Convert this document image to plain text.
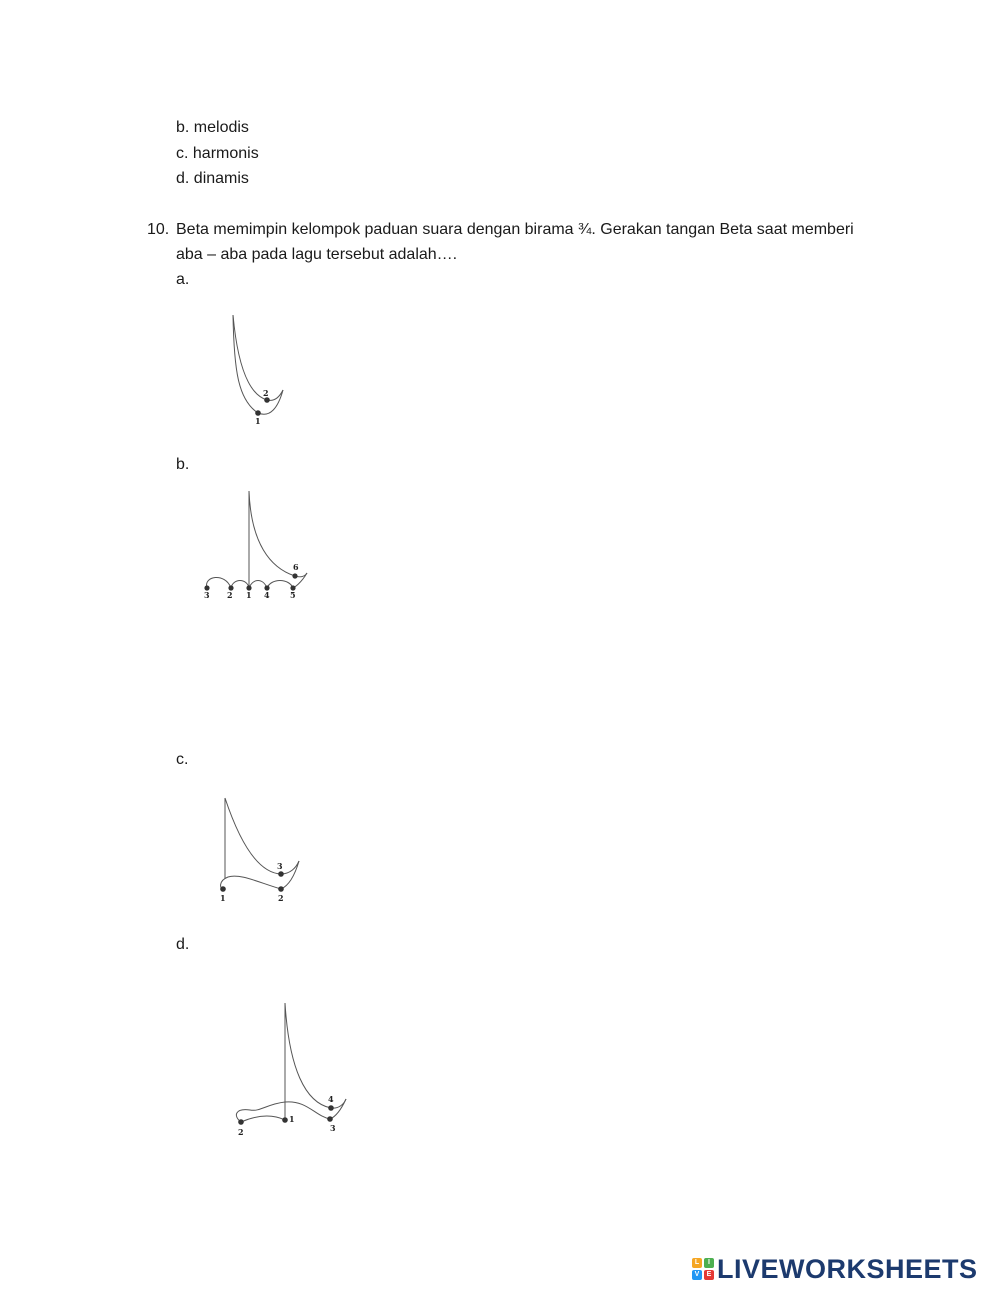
b. melodis
c. harmonis
d. dinamis
10. Beta memimpin kelompok paduan suara dengan birama ¾. Gerakan tangan Beta saat memberi
aba – aba pada lagu tersebut adalah….
a.
1
2
b.
3 2 1 4	5
6
c.
1	2
3
d.
2
1
3
4
L	I
V	E LIVEWORKSHEETS
